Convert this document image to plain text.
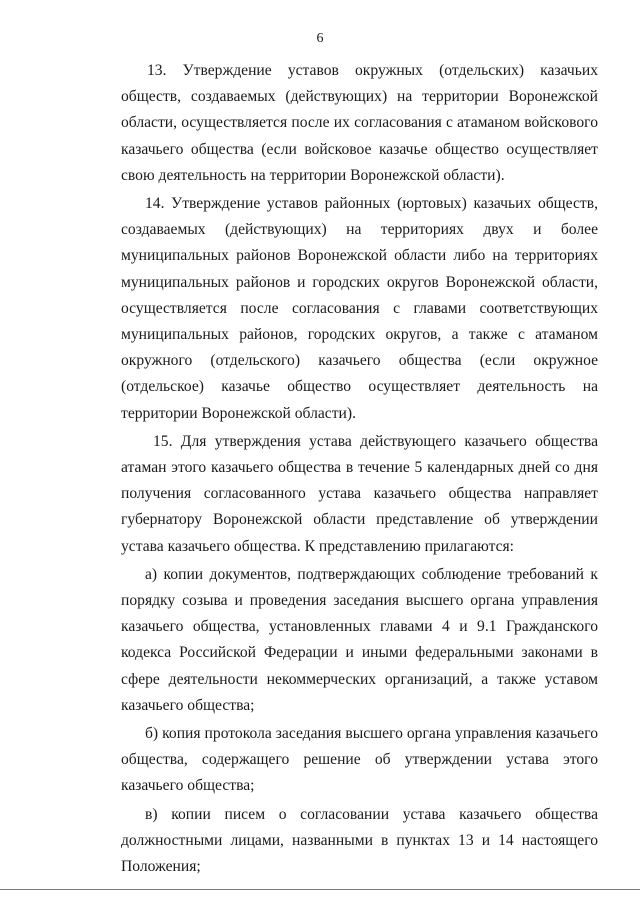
6

13. Утверждение уставов окружных (отдельских) казачьих обществ, создаваемых (действующих) на территории Воронежской области, осуществляется после их согласования с атаманом войскового казачьего общества (если войсковое казачье общество осуществляет свою деятельность на территории Воронежской области).

14. Утверждение уставов районных (юртовых) казачьих обществ, создаваемых (действующих) на территориях двух и более муниципальных районов Воронежской области либо на территориях муниципальных районов и городских округов Воронежской области, осуществляется после согласования с главами соответствующих муниципальных районов, городских округов, а также с атаманом окружного (отдельского) казачьего общества (если окружное (отдельское) казачье общество осуществляет деятельность на территории Воронежской области).

15. Для утверждения устава действующего казачьего общества атаман этого казачьего общества в течение 5 календарных дней со дня получения согласованного устава казачьего общества направляет губернатору Воронежской области представление об утверждении устава казачьего общества. К представлению прилагаются:

а) копии документов, подтверждающих соблюдение требований к порядку созыва и проведения заседания высшего органа управления казачьего общества, установленных главами 4 и 9.1 Гражданского кодекса Российской Федерации и иными федеральными законами в сфере деятельности некоммерческих организаций, а также уставом казачьего общества;

б) копия протокола заседания высшего органа управления казачьего общества, содержащего решение об утверждении устава этого казачьего общества;

в) копии писем о согласовании устава казачьего общества должностными лицами, названными в пунктах 13 и 14 настоящего Положения;
